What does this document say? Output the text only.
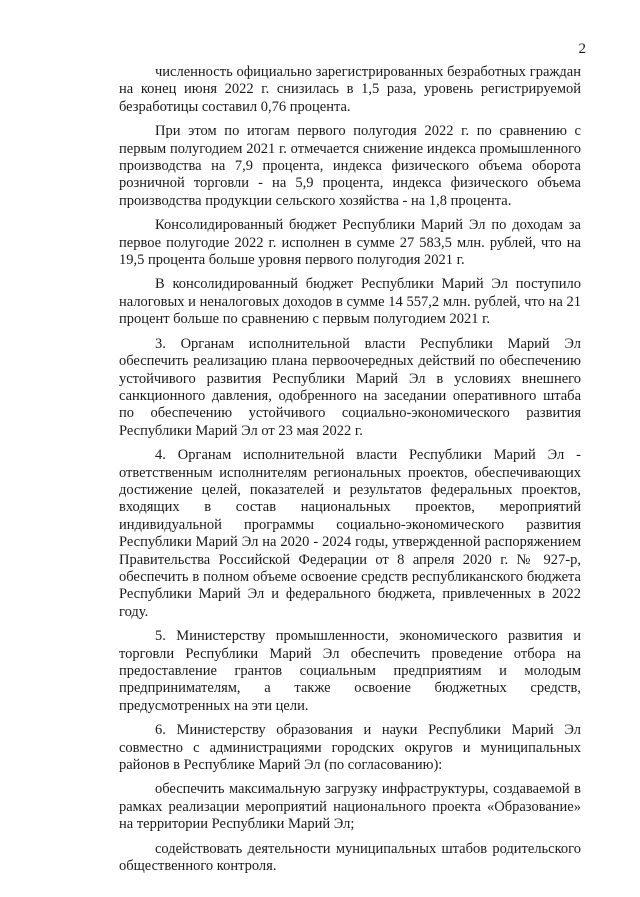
2

численность официально зарегистрированных безработных граждан на конец июня 2022 г. снизилась в 1,5 раза, уровень регистрируемой безработицы составил 0,76 процента.

При этом по итогам первого полугодия 2022 г. по сравнению с первым полугодием 2021 г. отмечается снижение индекса промышленного производства на 7,9 процента, индекса физического объема оборота розничной торговли - на 5,9 процента, индекса физического объема производства продукции сельского хозяйства - на 1,8 процента.

Консолидированный бюджет Республики Марий Эл по доходам за первое полугодие 2022 г. исполнен в сумме 27 583,5 млн. рублей, что на 19,5 процента больше уровня первого полугодия 2021 г.

В консолидированный бюджет Республики Марий Эл поступило налоговых и неналоговых доходов в сумме 14 557,2 млн. рублей, что на 21 процент больше по сравнению с первым полугодием 2021 г.

3. Органам исполнительной власти Республики Марий Эл обеспечить реализацию плана первоочередных действий по обеспечению устойчивого развития Республики Марий Эл в условиях внешнего санкционного давления, одобренного на заседании оперативного штаба по обеспечению устойчивого социально-экономического развития Республики Марий Эл от 23 мая 2022 г.

4. Органам исполнительной власти Республики Марий Эл - ответственным исполнителям региональных проектов, обеспечивающих достижение целей, показателей и результатов федеральных проектов, входящих в состав национальных проектов, мероприятий индивидуальной программы социально-экономического развития Республики Марий Эл на 2020 - 2024 годы, утвержденной распоряжением Правительства Российской Федерации от 8 апреля 2020 г. № 927-р, обеспечить в полном объеме освоение средств республиканского бюджета Республики Марий Эл и федерального бюджета, привлеченных в 2022 году.

5. Министерству промышленности, экономического развития и торговли Республики Марий Эл обеспечить проведение отбора на предоставление грантов социальным предприятиям и молодым предпринимателям, а также освоение бюджетных средств, предусмотренных на эти цели.

6. Министерству образования и науки Республики Марий Эл совместно с администрациями городских округов и муниципальных районов в Республике Марий Эл (по согласованию):

обеспечить максимальную загрузку инфраструктуры, создаваемой в рамках реализации мероприятий национального проекта «Образование» на территории Республики Марий Эл;

содействовать деятельности муниципальных штабов родительского общественного контроля.
